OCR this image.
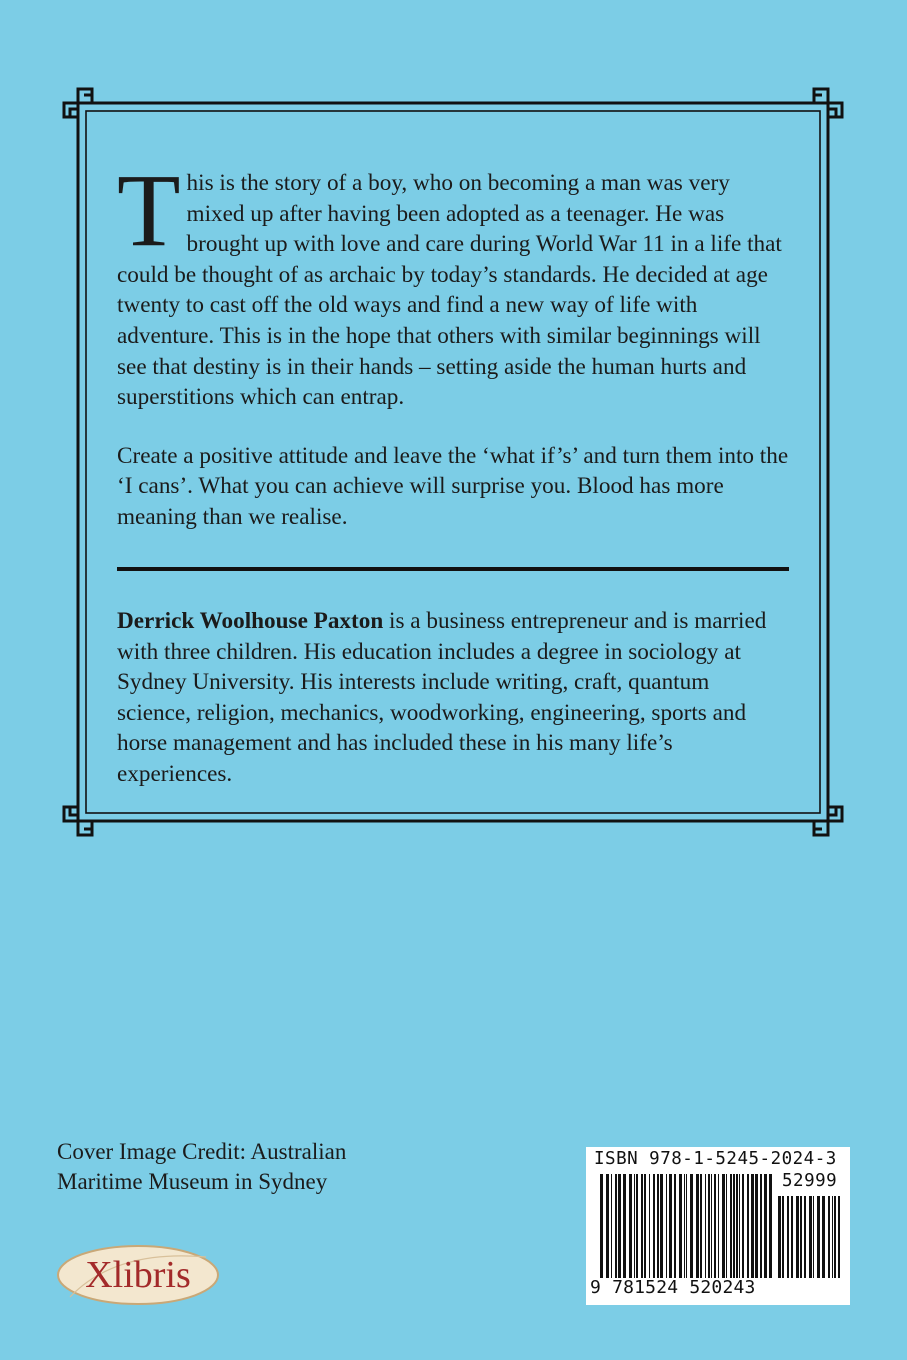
This is the story of a boy, who on becoming a man was very mixed up after having been adopted as a teenager. He was brought up with love and care during World War 11 in a life that could be thought of as archaic by today’s standards. He decided at age twenty to cast off the old ways and find a new way of life with adventure. This is in the hope that others with similar beginnings will see that destiny is in their hands – setting aside the human hurts and superstitions which can entrap.

Create a positive attitude and leave the ‘what if’s’ and turn them into the ‘I cans’. What you can achieve will surprise you. Blood has more meaning than we realise.

Derrick Woolhouse Paxton is a business entrepreneur and is married with three children. His education includes a degree in sociology at Sydney University. His interests include writing, craft, quantum science, religion, mechanics, woodworking, engineering, sports and horse management and has included these in his many life’s experiences.

Cover Image Credit: Australian
Maritime Museum in Sydney
Xlibris
ISBN 978-1-5245-2024-3
52999
9 781524 520243
